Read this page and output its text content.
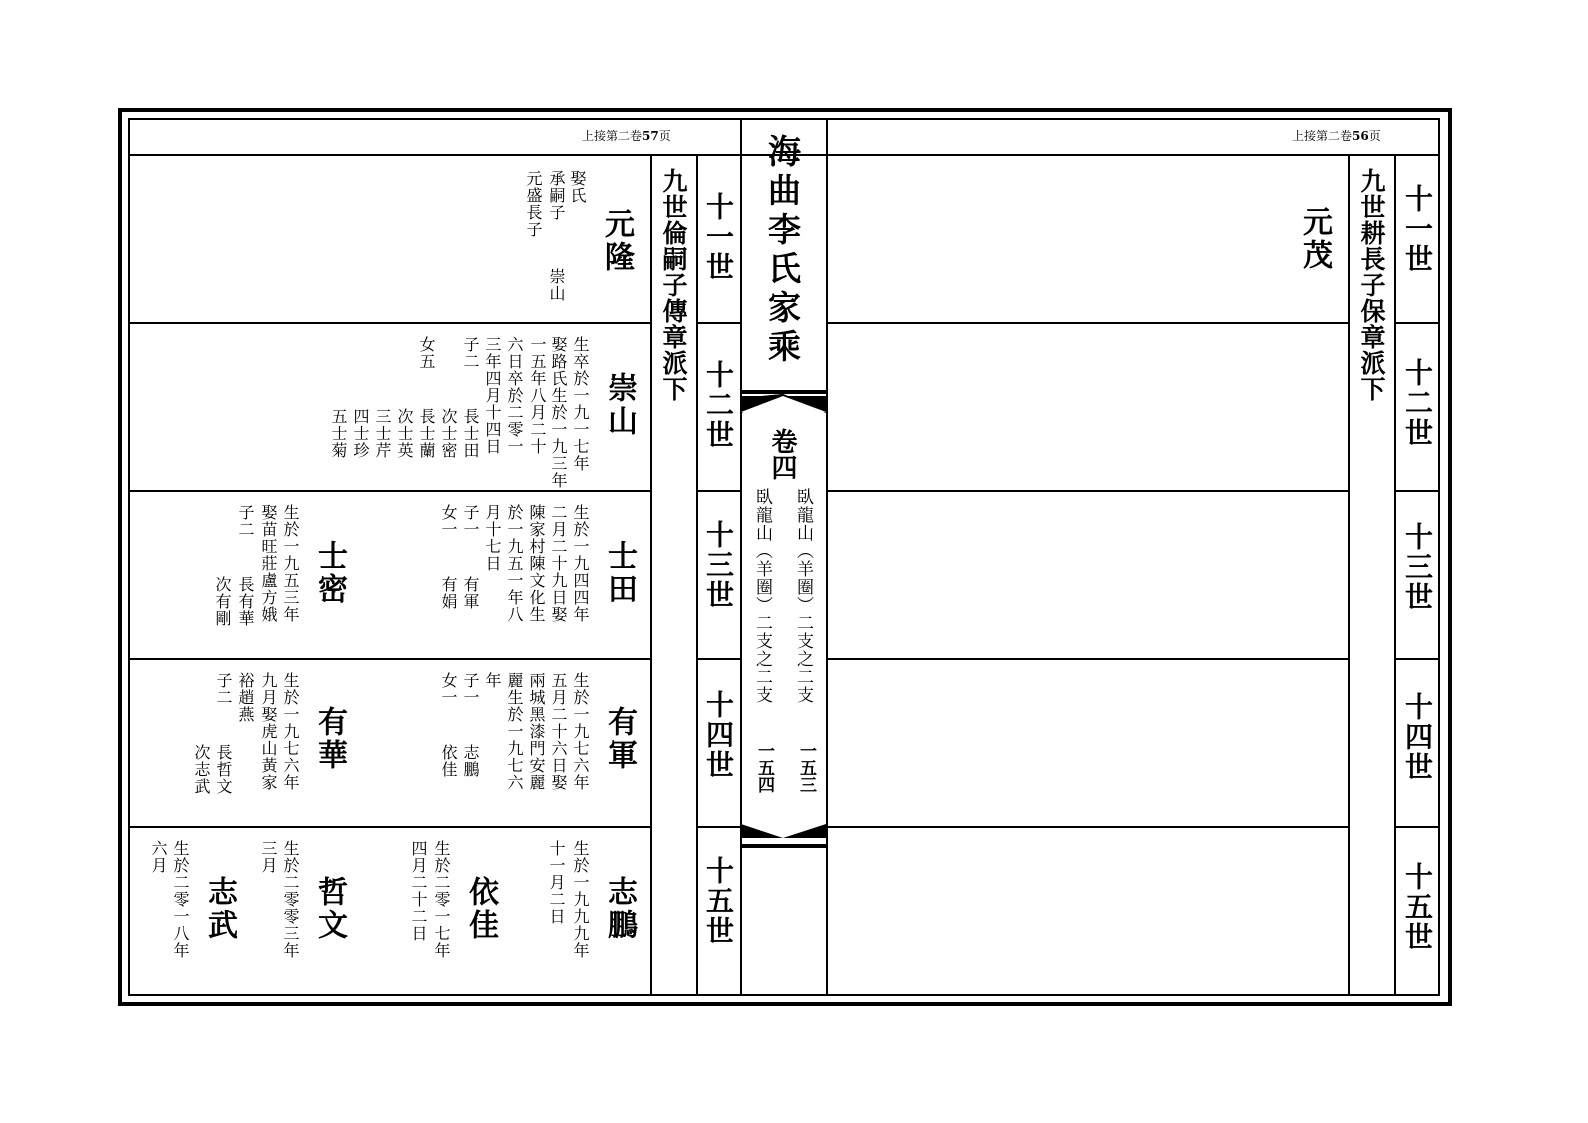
上接第二卷57页	上接第二卷56页
海曲李氏家乘
卷四
臥龍山（羊圈）二支之二支
臥龍山（羊圈）二支之二支
一五三
一五四
九世倫嗣子傳章派下 十一世
十二世
十三世
十四世
十五世
九世耕長子保章派下 十一世
十二世
十三世
十四世
十五世
元茂
元隆
娶氏
承嗣子
元盛長子
崇山
崇山
生卒於一九一七年
娶路氏生於一九三年
一五年八月二十
六日卒於二零一
三年四月十四日
子二
長士田
次士密
女五
長士蘭
次士英
三士芹
四士珍
五士菊
士田
生於一九四四年
二月二十九日娶
陳家村陳文化生
於一九五一年八
月十七日
子一
有軍
女一
有娟
士密
生於一九五三年
娶苗旺莊盧方娥
子二
長有華
次有剛
有軍
生於一九七六年
五月二十六日娶
兩城黑漆門安麗
麗生於一九七六
年
子一
志鵬
女一
依佳
有華
生於一九七六年
九月娶虎山黃家
裕趙燕
子二
長哲文
次志武
志鵬
生於一九九九年
十一月二日
依佳
生於二零一七年
四月二十二日
哲文
生於二零零三年
三月
志武
生於二零一八年
六月
